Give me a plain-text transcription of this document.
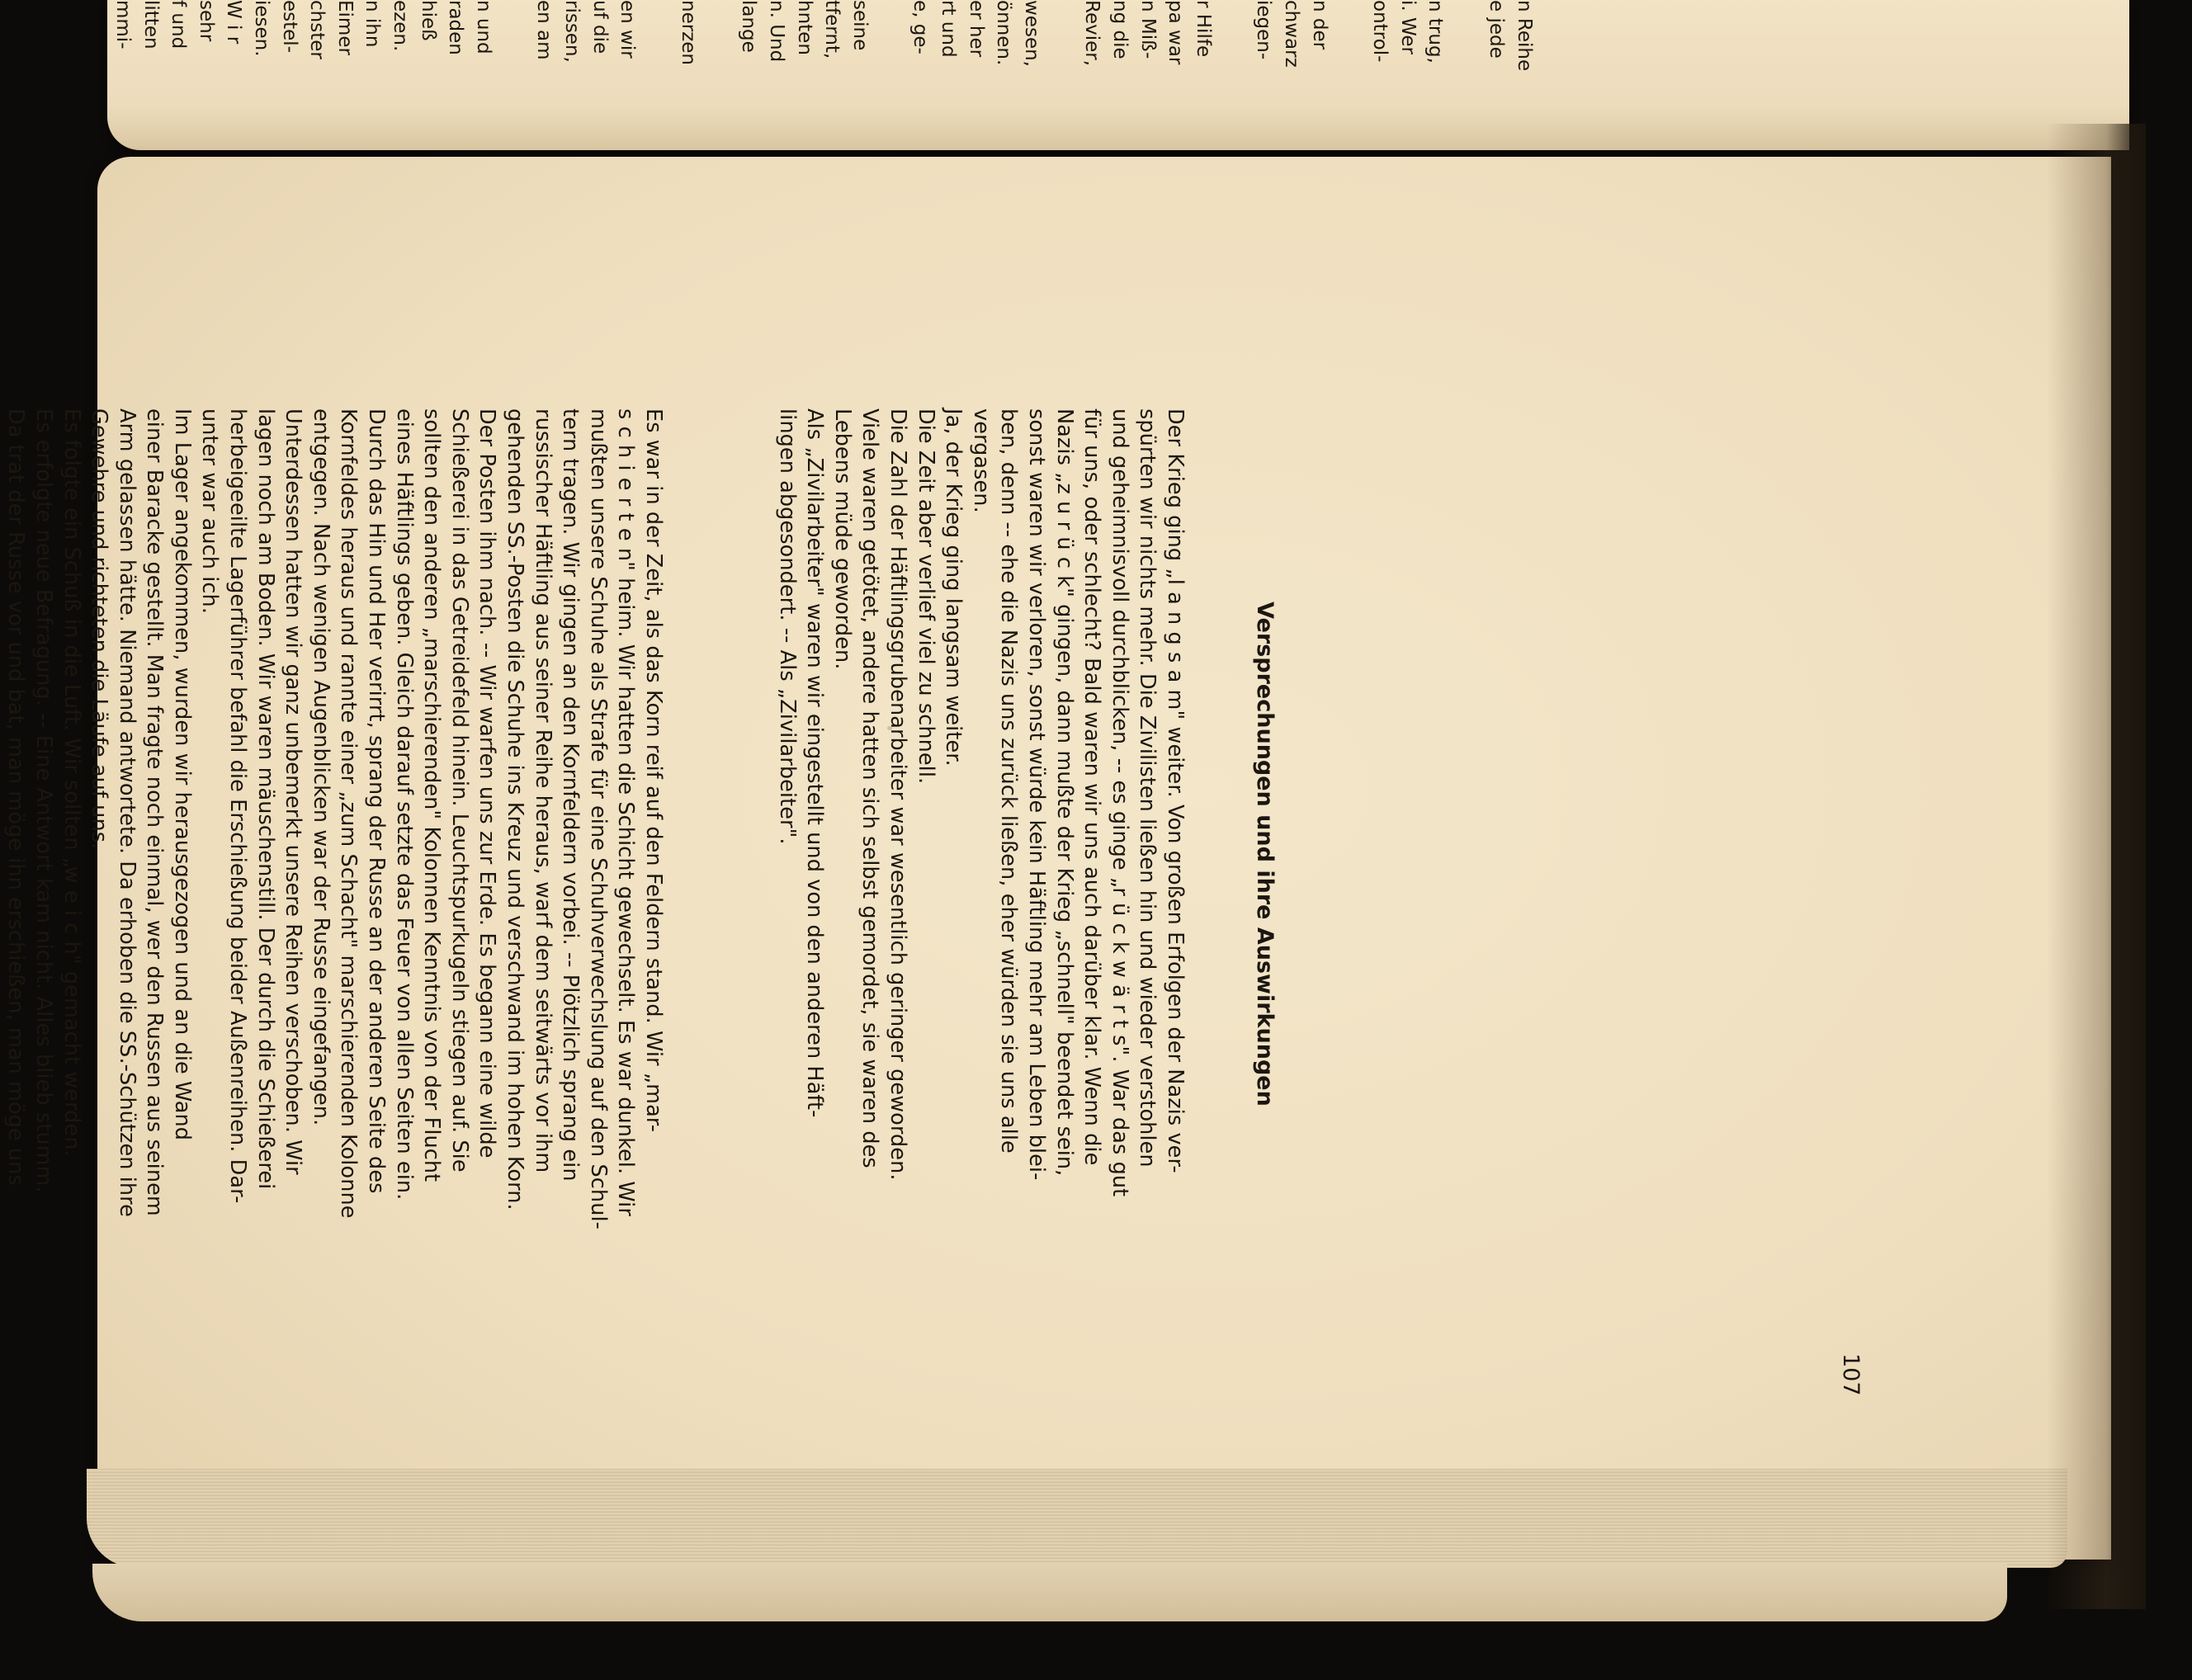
mmi- litten f und sehr W i r iesen. estel- chster Eimer n ihn ezen. hieß raden n und en am rissen, uf die en wir nerzen lange n. Und hnten tfernt, seine e, ge- rt und er her önnen. wesen, Revier, ng die n Miß- pa war r Hilfe iegen- chwarz n der ontrol- i. Wer n trug, e jede n Reihe
Es war in der Zeit, als das Korn reif auf den Feldern stand. Wir „mar-
s c h i e r t e n" heim. Wir hatten die Schicht gewechselt. Es war dunkel. Wir
mußten unsere Schuhe als Strafe für eine Schuhverwechslung auf den Schul-
tern tragen. Wir gingen an den Kornfeldern vorbei. -- Plötzlich sprang ein
russischer Häftling aus seiner Reihe heraus, warf dem seitwärts vor ihm
gehenden SS.-Posten die Schuhe ins Kreuz und verschwand im hohen Korn.
Der Posten ihm nach. -- Wir warfen uns zur Erde. Es begann eine wilde
Schießerei in das Getreidefeld hinein. Leuchtspurkugeln stiegen auf. Sie
sollten den anderen „marschierenden" Kolonnen Kenntnis von der Flucht
eines Häftlings geben. Gleich darauf setzte das Feuer von allen Seiten ein.
Durch das Hin und Her verirrt, sprang der Russe an der anderen Seite des
Kornfeldes heraus und rannte einer „zum Schacht" marschierenden Kolonne
entgegen. Nach wenigen Augenblicken war der Russe eingefangen.
Unterdessen hatten wir ganz unbemerkt unsere Reihen verschoben. Wir
lagen noch am Boden. Wir waren mäuschenstill. Der durch die Schießerei
herbeigeeilte Lagerführer befahl die Erschießung beider Außenreihen. Dar-
unter war auch ich.
Im Lager angekommen, wurden wir herausgezogen und an die Wand
einer Baracke gestellt. Man fragte noch einmal, wer den Russen aus seinem
Arm gelassen hätte. Niemand antwortete. Da erhoben die SS.-Schützen ihre
Gewehre und richteten die Läufe auf uns.
Es folgte ein Schuß in die Luft. Wir sollten „w e i c h" gemacht werden.
Es erfolgte neue Befragung. -- Eine Antwort kam nicht. Alles blieb stumm.
Da trat der Russe vor und bat, man möge ihn erschießen, man möge uns	Versprechungen und ihre Auswirkungen
Der Krieg ging „l a n g s a m" weiter. Von großen Erfolgen der Nazis ver-
spürten wir nichts mehr. Die Zivilisten ließen hin und wieder verstohlen
und geheimnisvoll durchblicken, -- es ginge „r ü c k w ä r t s". War das gut
für uns, oder schlecht? Bald waren wir uns auch darüber klar. Wenn die
Nazis „z u r ü c k" gingen, dann mußte der Krieg „schnell" beendet sein,
sonst waren wir verloren, sonst würde kein Häftling mehr am Leben blei-
ben, denn -- ehe die Nazis uns zurück ließen, eher würden sie uns alle
vergasen.
Ja, der Krieg ging langsam weiter.
Die Zeit aber verlief viel zu schnell.
Die Zahl der Häftlingsgrubenarbeiter war wesentlich geringer geworden.
Viele waren getötet, andere hatten sich selbst gemordet, sie waren des
Lebens müde geworden.
Als „Zivilarbeiter" waren wir eingestellt und von den anderen Häft-
lingen abgesondert. -- Als „Zivilarbeiter".
107
